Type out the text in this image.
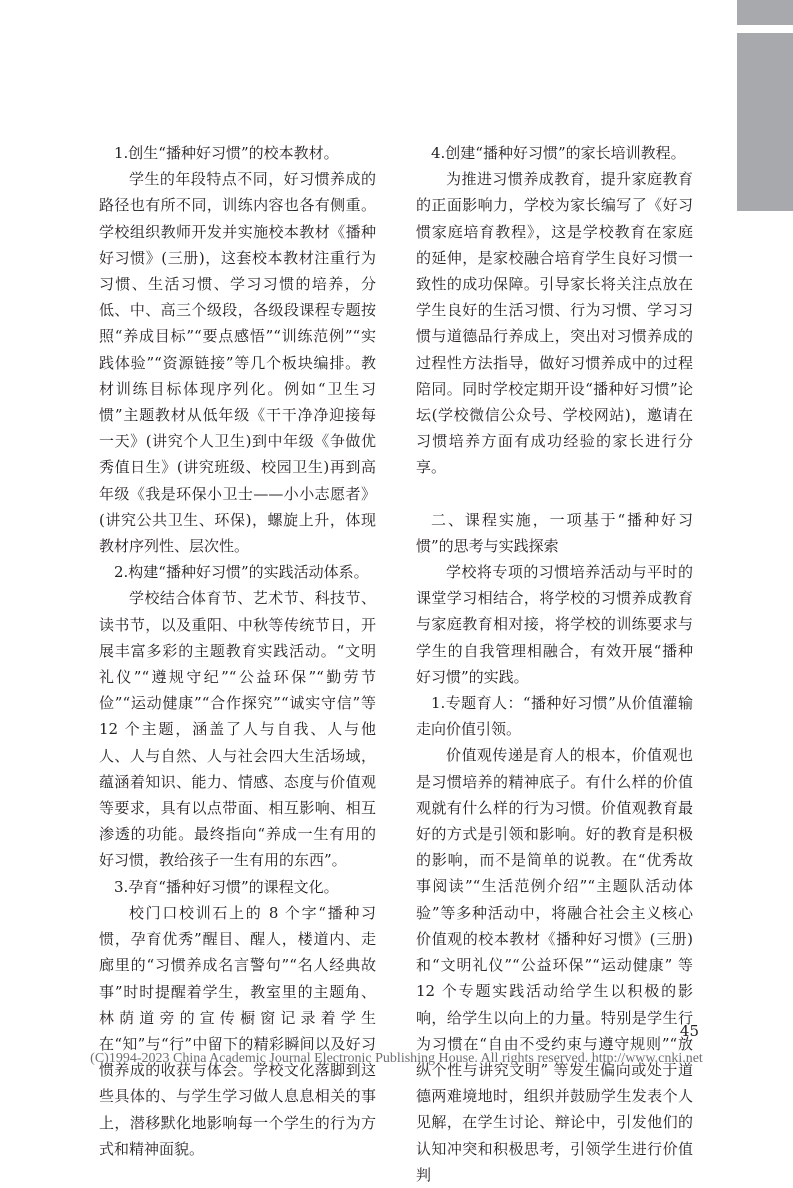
1.创生“播种好习惯”的校本教材。

学生的年段特点不同，好习惯养成的路径也有所不同，训练内容也各有侧重。学校组织教师开发并实施校本教材《播种好习惯》(三册)，这套校本教材注重行为习惯、生活习惯、学习习惯的培养，分低、中、高三个级段，各级段课程专题按照“养成目标”“要点感悟”“训练范例”“实践体验”“资源链接”等几个板块编排。教材训练目标体现序列化。例如“卫生习惯”主题教材从低年级《干干净净迎接每一天》(讲究个人卫生)到中年级《争做优秀值日生》(讲究班级、校园卫生)再到高年级《我是环保小卫士——小小志愿者》(讲究公共卫生、环保)，螺旋上升，体现教材序列性、层次性。

2.构建“播种好习惯”的实践活动体系。

学校结合体育节、艺术节、科技节、读书节，以及重阳、中秋等传统节日，开展丰富多彩的主题教育实践活动。“文明礼仪”“遵规守纪”“公益环保”“勤劳节俭”“运动健康”“合作探究”“诚实守信”等 12 个主题，涵盖了人与自我、人与他人、人与自然、人与社会四大生活场域，蕴涵着知识、能力、情感、态度与价值观等要求，具有以点带面、相互影响、相互渗透的功能。最终指向“养成一生有用的好习惯，教给孩子一生有用的东西”。

3.孕育“播种好习惯”的课程文化。

校门口校训石上的 8 个字“播种习惯，孕育优秀”醒目、醒人，楼道内、走廊里的“习惯养成名言警句”“名人经典故事”时时提醒着学生，教室里的主题角、林荫道旁的宣传橱窗记录着学生在“知”与“行”中留下的精彩瞬间以及好习惯养成的收获与体会。学校文化落脚到这些具体的、与学生学习做人息息相关的事上，潜移默化地影响每一个学生的行为方式和精神面貌。

4.创建“播种好习惯”的家长培训教程。

为推进习惯养成教育，提升家庭教育的正面影响力，学校为家长编写了《好习惯家庭培育教程》，这是学校教育在家庭的延伸，是家校融合培育学生良好习惯一致性的成功保障。引导家长将关注点放在学生良好的生活习惯、行为习惯、学习习惯与道德品行养成上，突出对习惯养成的过程性方法指导，做好习惯养成中的过程陪同。同时学校定期开设“播种好习惯”论坛(学校微信公众号、学校网站)，邀请在习惯培养方面有成功经验的家长进行分享。

二、课程实施，一项基于“播种好习惯”的思考与实践探索

学校将专项的习惯培养活动与平时的课堂学习相结合，将学校的习惯养成教育与家庭教育相对接，将学校的训练要求与学生的自我管理相融合，有效开展“播种好习惯”的实践。

1.专题育人：“播种好习惯”从价值灌输走向价值引领。

价值观传递是育人的根本，价值观也是习惯培养的精神底子。有什么样的价值观就有什么样的行为习惯。价值观教育最好的方式是引领和影响。好的教育是积极的影响，而不是简单的说教。在“优秀故事阅读”“生活范例介绍”“主题队活动体验”等多种活动中，将融合社会主义核心价值观的校本教材《播种好习惯》(三册)和“文明礼仪”“公益环保”“运动健康” 等 12 个专题实践活动给学生以积极的影响，给学生以向上的力量。特别是学生行为习惯在“自由不受约束与遵守规则”“放纵个性与讲究文明” 等发生偏向或处于道德两难境地时，组织并鼓励学生发表个人见解，在学生讨论、辩论中，引发他们的认知冲突和积极思考，引领学生进行价值判

45
(C)1994-2023 China Academic Journal Electronic Publishing House. All rights reserved. http://www.cnki.net
